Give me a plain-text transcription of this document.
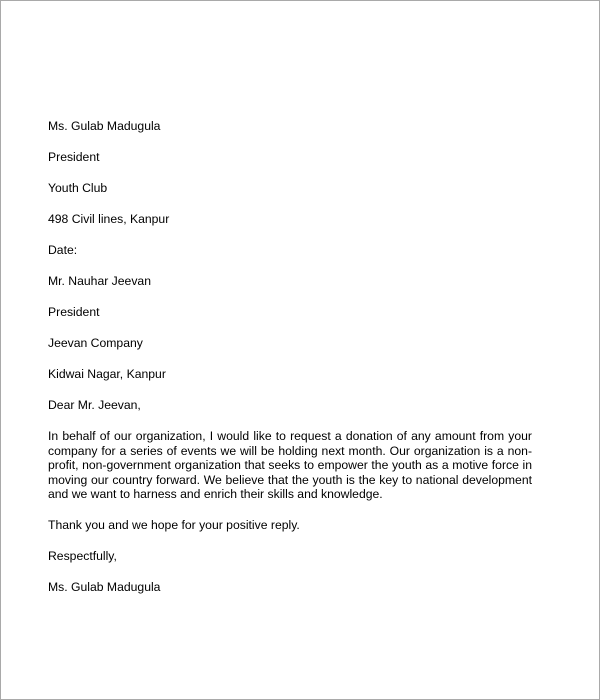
Ms. Gulab Madugula

President

Youth Club

498 Civil lines, Kanpur

Date:

Mr. Nauhar Jeevan

President

Jeevan Company

Kidwai Nagar, Kanpur

Dear Mr. Jeevan,

In behalf of our organization, I would like to request a donation of any amount from your company for a series of events we will be holding next month. Our organization is a non-profit, non-government organization that seeks to empower the youth as a motive force in moving our country forward. We believe that the youth is the key to national development and we want to harness and enrich their skills and knowledge.

Thank you and we hope for your positive reply.

Respectfully,

Ms. Gulab Madugula
